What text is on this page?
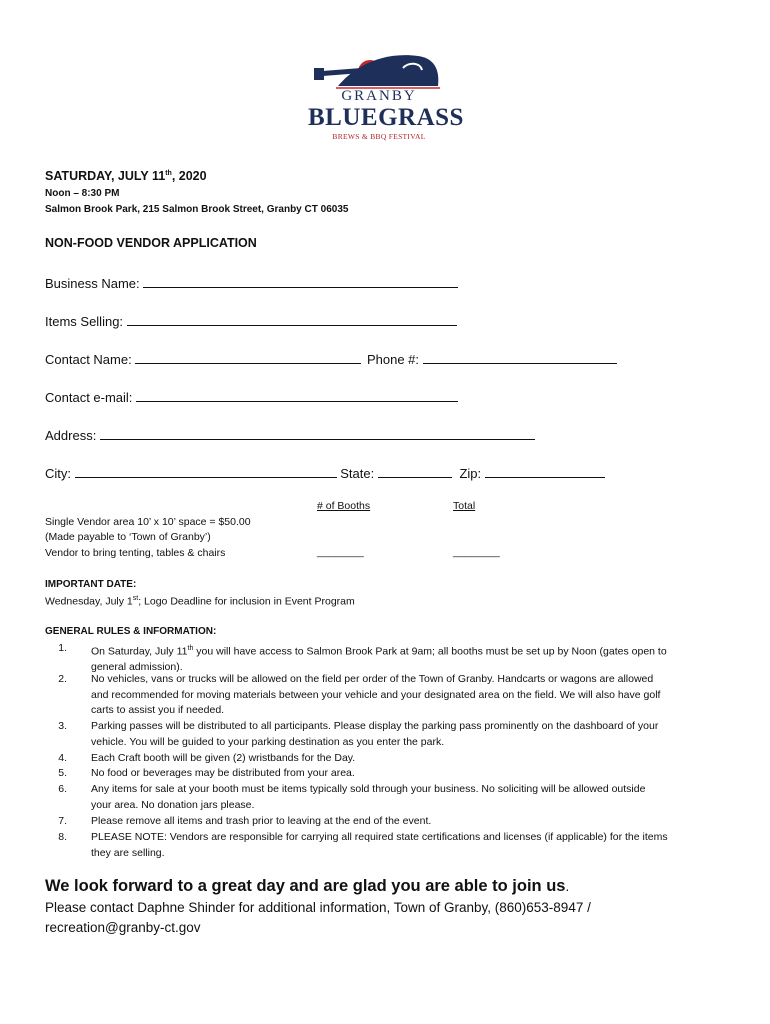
GRANBY
BLUEGRASS
BREWS & BBQ FESTIVAL
SATURDAY, JULY 11th, 2020
Noon – 8:30 PM
Salmon Brook Park, 215 Salmon Brook Street, Granby CT 06035
NON-FOOD VENDOR APPLICATION
Business Name:
Items Selling:
Contact Name:	Phone #:
Contact e-mail:
Address:
City:	State:	Zip:
# of Booths	Total
Single Vendor area 10’ x 10’ space = $50.00
(Made payable to ‘Town of Granby’)
Vendor to bring tenting, tables & chairs	________	________
IMPORTANT DATE:
Wednesday, July 1st; Logo Deadline for inclusion in Event Program
GENERAL RULES & INFORMATION:
1. On Saturday, July 11th you will have access to Salmon Brook Park at 9am; all booths must be set up by Noon (gates open to
general admission).
2. No vehicles, vans or trucks will be allowed on the field per order of the Town of Granby. Handcarts or wagons are allowed
and recommended for moving materials between your vehicle and your designated area on the field. We will also have golf
carts to assist you if needed.
3. Parking passes will be distributed to all participants. Please display the parking pass prominently on the dashboard of your
vehicle. You will be guided to your parking destination as you enter the park.
4. Each Craft booth will be given (2) wristbands for the Day.
5. No food or beverages may be distributed from your area.
6. Any items for sale at your booth must be items typically sold through your business. No soliciting will be allowed outside
your area. No donation jars please.
7. Please remove all items and trash prior to leaving at the end of the event.
8. PLEASE NOTE: Vendors are responsible for carrying all required state certifications and licenses (if applicable) for the items
they are selling.
We look forward to a great day and are glad you are able to join us.
Please contact Daphne Shinder for additional information, Town of Granby, (860)653-8947 /
recreation@granby-ct.gov
